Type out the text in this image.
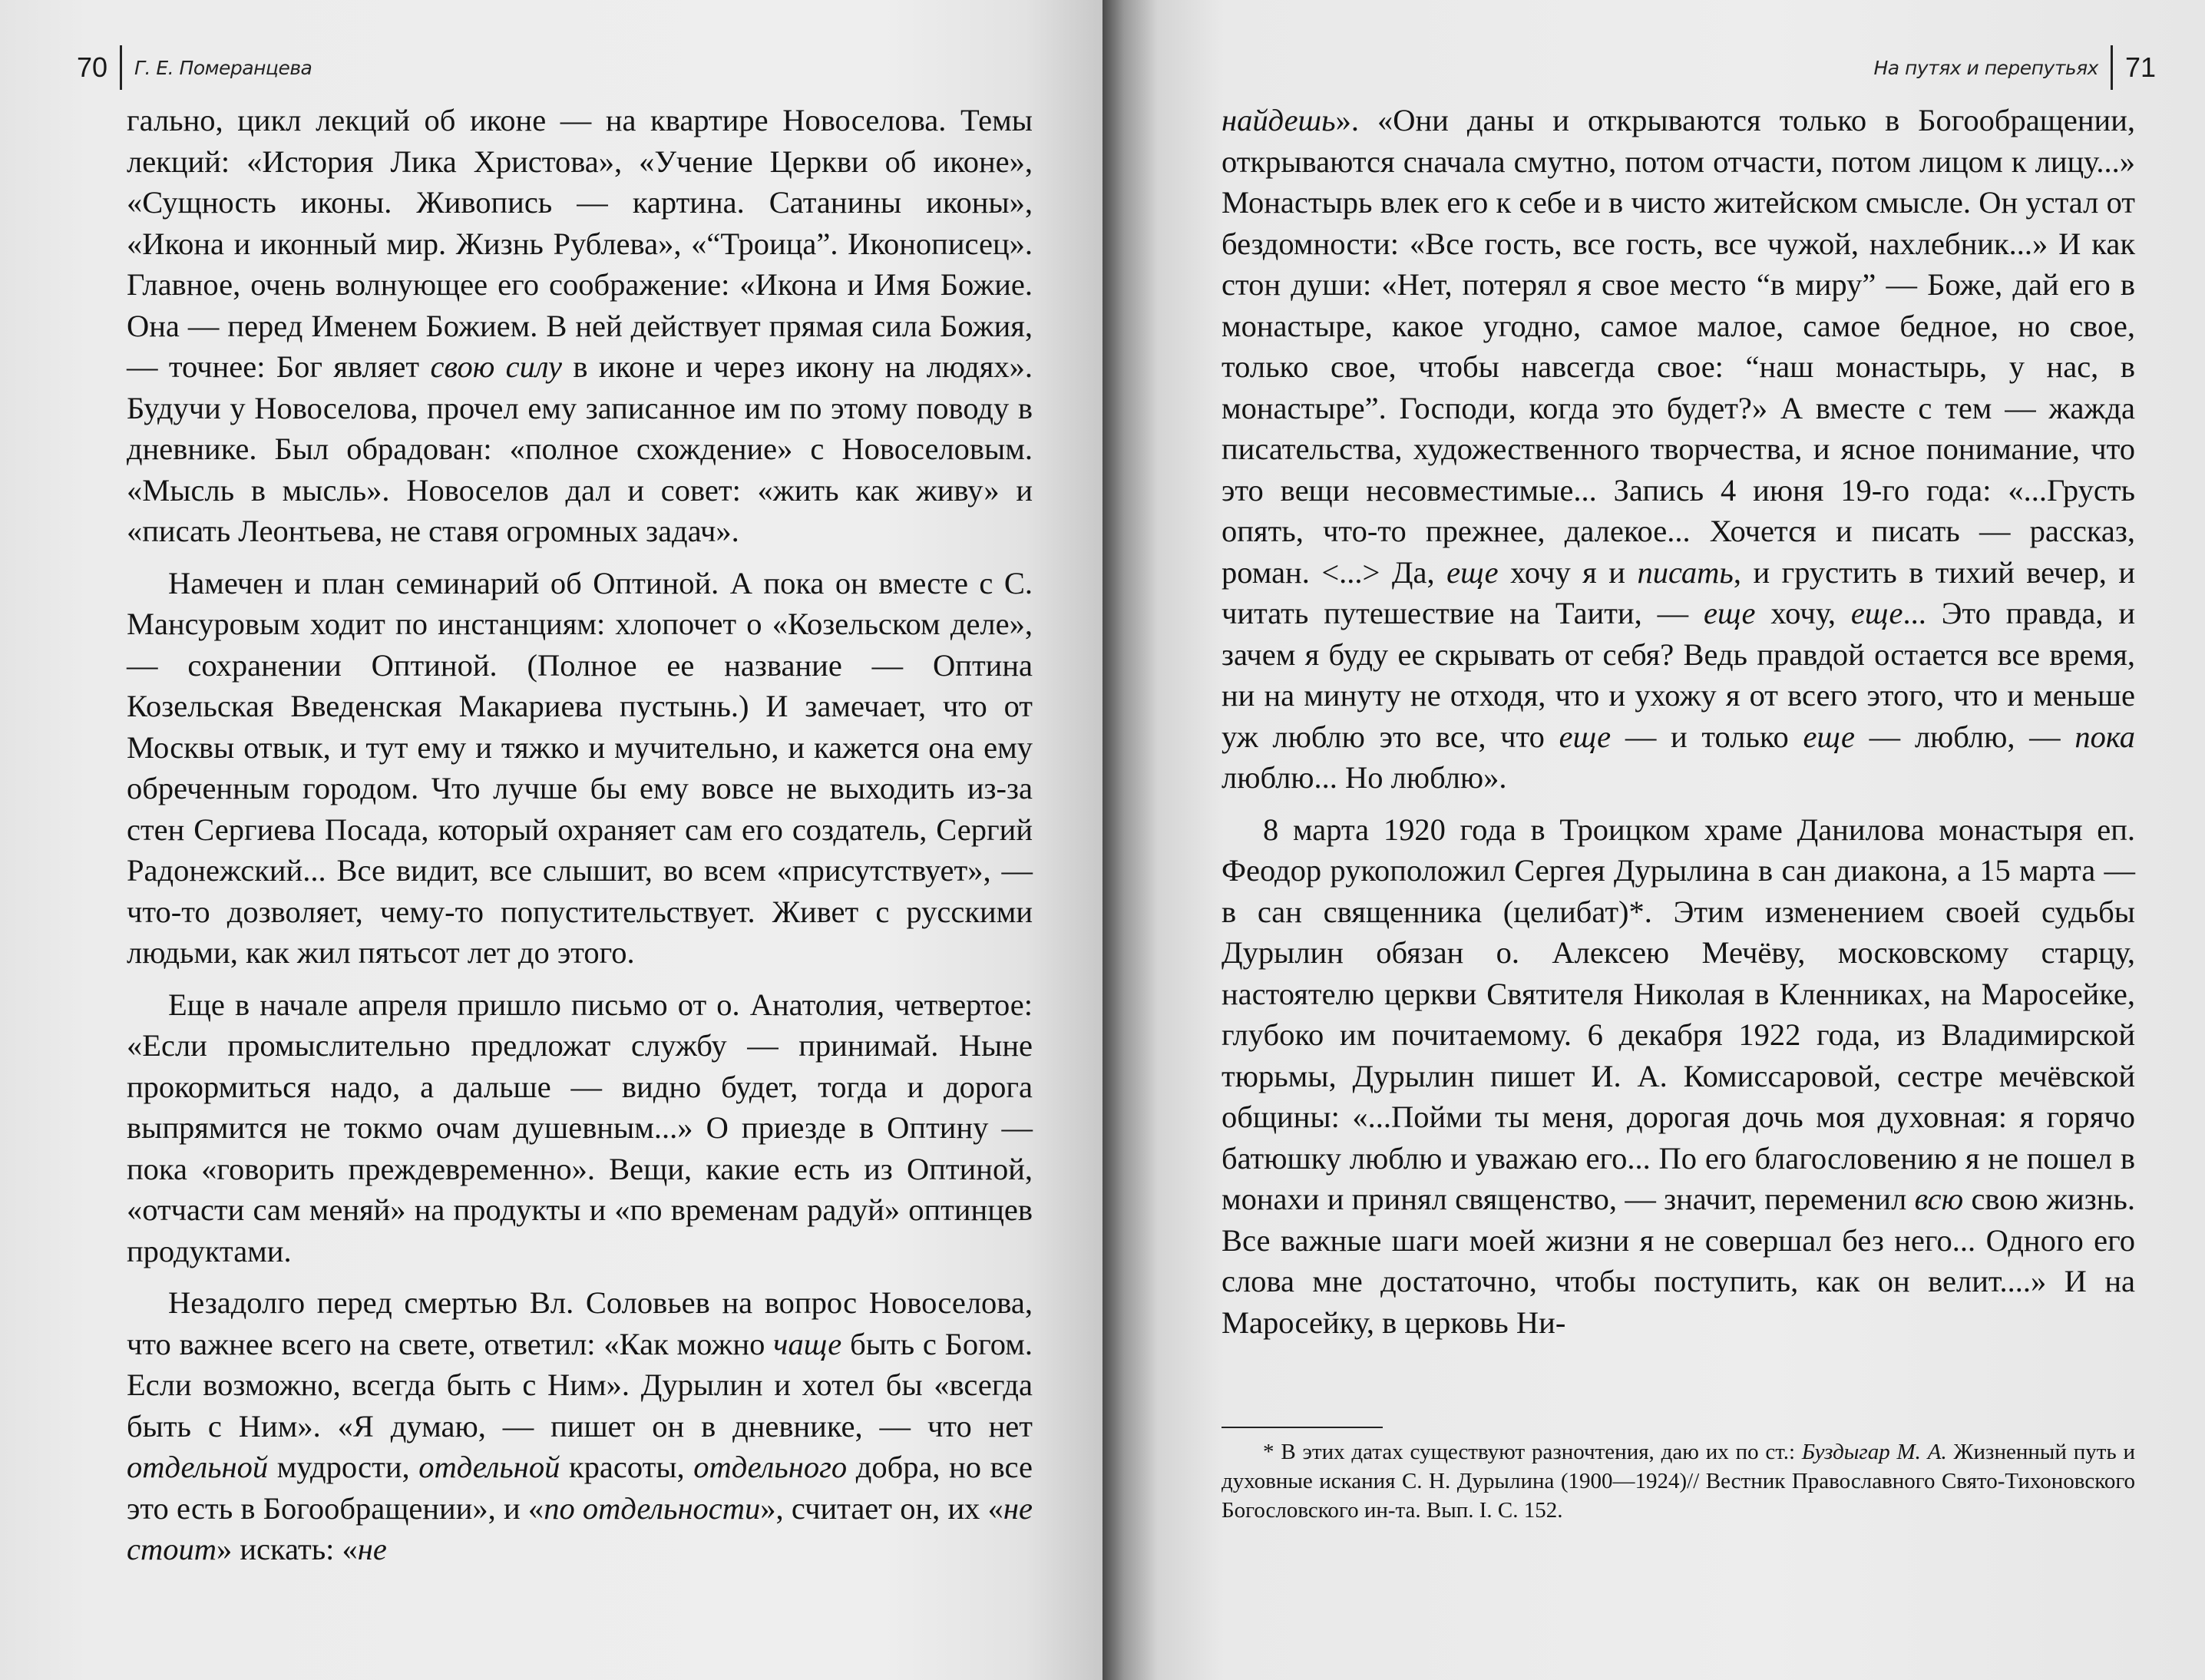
70 Г. Е. Померанцева

гально, цикл лекций об иконе — на квартире Новоселова. Темы лекций: «История Лика Христова», «Учение Церкви об иконе», «Сущность иконы. Живопись — картина. Сатанины иконы», «Икона и иконный мир. Жизнь Рублева», «“Троица”. Иконописец». Главное, очень волнующее его соображение: «Икона и Имя Божие. Она — перед Именем Божием. В ней действует прямая сила Божия, — точнее: Бог являет свою силу в иконе и через икону на людях». Будучи у Новоселова, прочел ему записанное им по этому поводу в дневнике. Был обрадован: «полное схождение» с Новоселовым. «Мысль в мысль». Новоселов дал и совет: «жить как живу» и «писать Леонтьева, не ставя огромных задач».

Намечен и план семинарий об Оптиной. А пока он вместе с С. Мансуровым ходит по инстанциям: хлопочет о «Козельском деле», — сохранении Оптиной. (Полное ее название — Оптина Козельская Введенская Макариева пустынь.) И замечает, что от Москвы отвык, и тут ему и тяжко и мучительно, и кажется она ему обреченным городом. Что лучше бы ему вовсе не выходить из-за стен Сергиева Посада, который охраняет сам его создатель, Сергий Радонежский... Все видит, все слышит, во всем «присутствует», — что-то дозволяет, чему-то попустительствует. Живет с русскими людьми, как жил пятьсот лет до этого.

Еще в начале апреля пришло письмо от о. Анатолия, четвертое: «Если промыслительно предложат службу — принимай. Ныне прокормиться надо, а дальше — видно будет, тогда и дорога выпрямится не токмо очам душевным...» О приезде в Оптину — пока «говорить преждевременно». Вещи, какие есть из Оптиной, «отчасти сам меняй» на продукты и «по временам радуй» оптинцев продуктами.

Незадолго перед смертью Вл. Соловьев на вопрос Новоселова, что важнее всего на свете, ответил: «Как можно чаще быть с Богом. Если возможно, всегда быть с Ним». Дурылин и хотел бы «всегда быть с Ним». «Я думаю, — пишет он в дневнике, — что нет отдельной мудрости, отдельной красоты, отдельного добра, но все это есть в Богообращении», и «по отдельности», считает он, их «не стоит» искать: «не

На путях и перепутьях 71

найдешь». «Они даны и открываются только в Богообращении, открываются сначала смутно, потом отчасти, потом лицом к лицу...» Монастырь влек его к себе и в чисто житейском смысле. Он устал от бездомности: «Все гость, все гость, все чужой, нахлебник...» И как стон души: «Нет, потерял я свое место “в миру” — Боже, дай его в монастыре, какое угодно, самое малое, самое бедное, но свое, только свое, чтобы навсегда свое: “наш монастырь, у нас, в монастыре”. Господи, когда это будет?» А вместе с тем — жажда писательства, художественного творчества, и ясное понимание, что это вещи несовместимые... Запись 4 июня 19-го года: «...Грусть опять, что-то прежнее, далекое... Хочется и писать — рассказ, роман. <...> Да, еще хочу я и писать, и грустить в тихий вечер, и читать путешествие на Таити, — еще хочу, еще... Это правда, и зачем я буду ее скрывать от себя? Ведь правдой остается все время, ни на минуту не отходя, что и ухожу я от всего этого, что и меньше уж люблю это все, что еще — и только еще — люблю, — пока люблю... Но люблю».

8 марта 1920 года в Троицком храме Данилова монастыря еп. Феодор рукоположил Сергея Дурылина в сан диакона, а 15 марта — в сан священника (целибат)*. Этим изменением своей судьбы Дурылин обязан о. Алексею Мечёву, московскому старцу, настоятелю церкви Святителя Николая в Кленниках, на Маросейке, глубоко им почитаемому. 6 декабря 1922 года, из Владимирской тюрьмы, Дурылин пишет И. А. Комиссаровой, сестре мечёвской общины: «...Пойми ты меня, дорогая дочь моя духовная: я горячо батюшку люблю и уважаю его... По его благословению я не пошел в монахи и принял священство, — значит, переменил всю свою жизнь. Все важные шаги моей жизни я не совершал без него... Одного его слова мне достаточно, чтобы поступить, как он велит....» И на Маросейку, в церковь Ни-

* В этих датах существуют разночтения, даю их по ст.: Буздыгар М. А. Жизненный путь и духовные искания С. Н. Дурылина (1900—1924)// Вестник Православного Свято-Тихоновского Богословского ин-та. Вып. I. С. 152.
